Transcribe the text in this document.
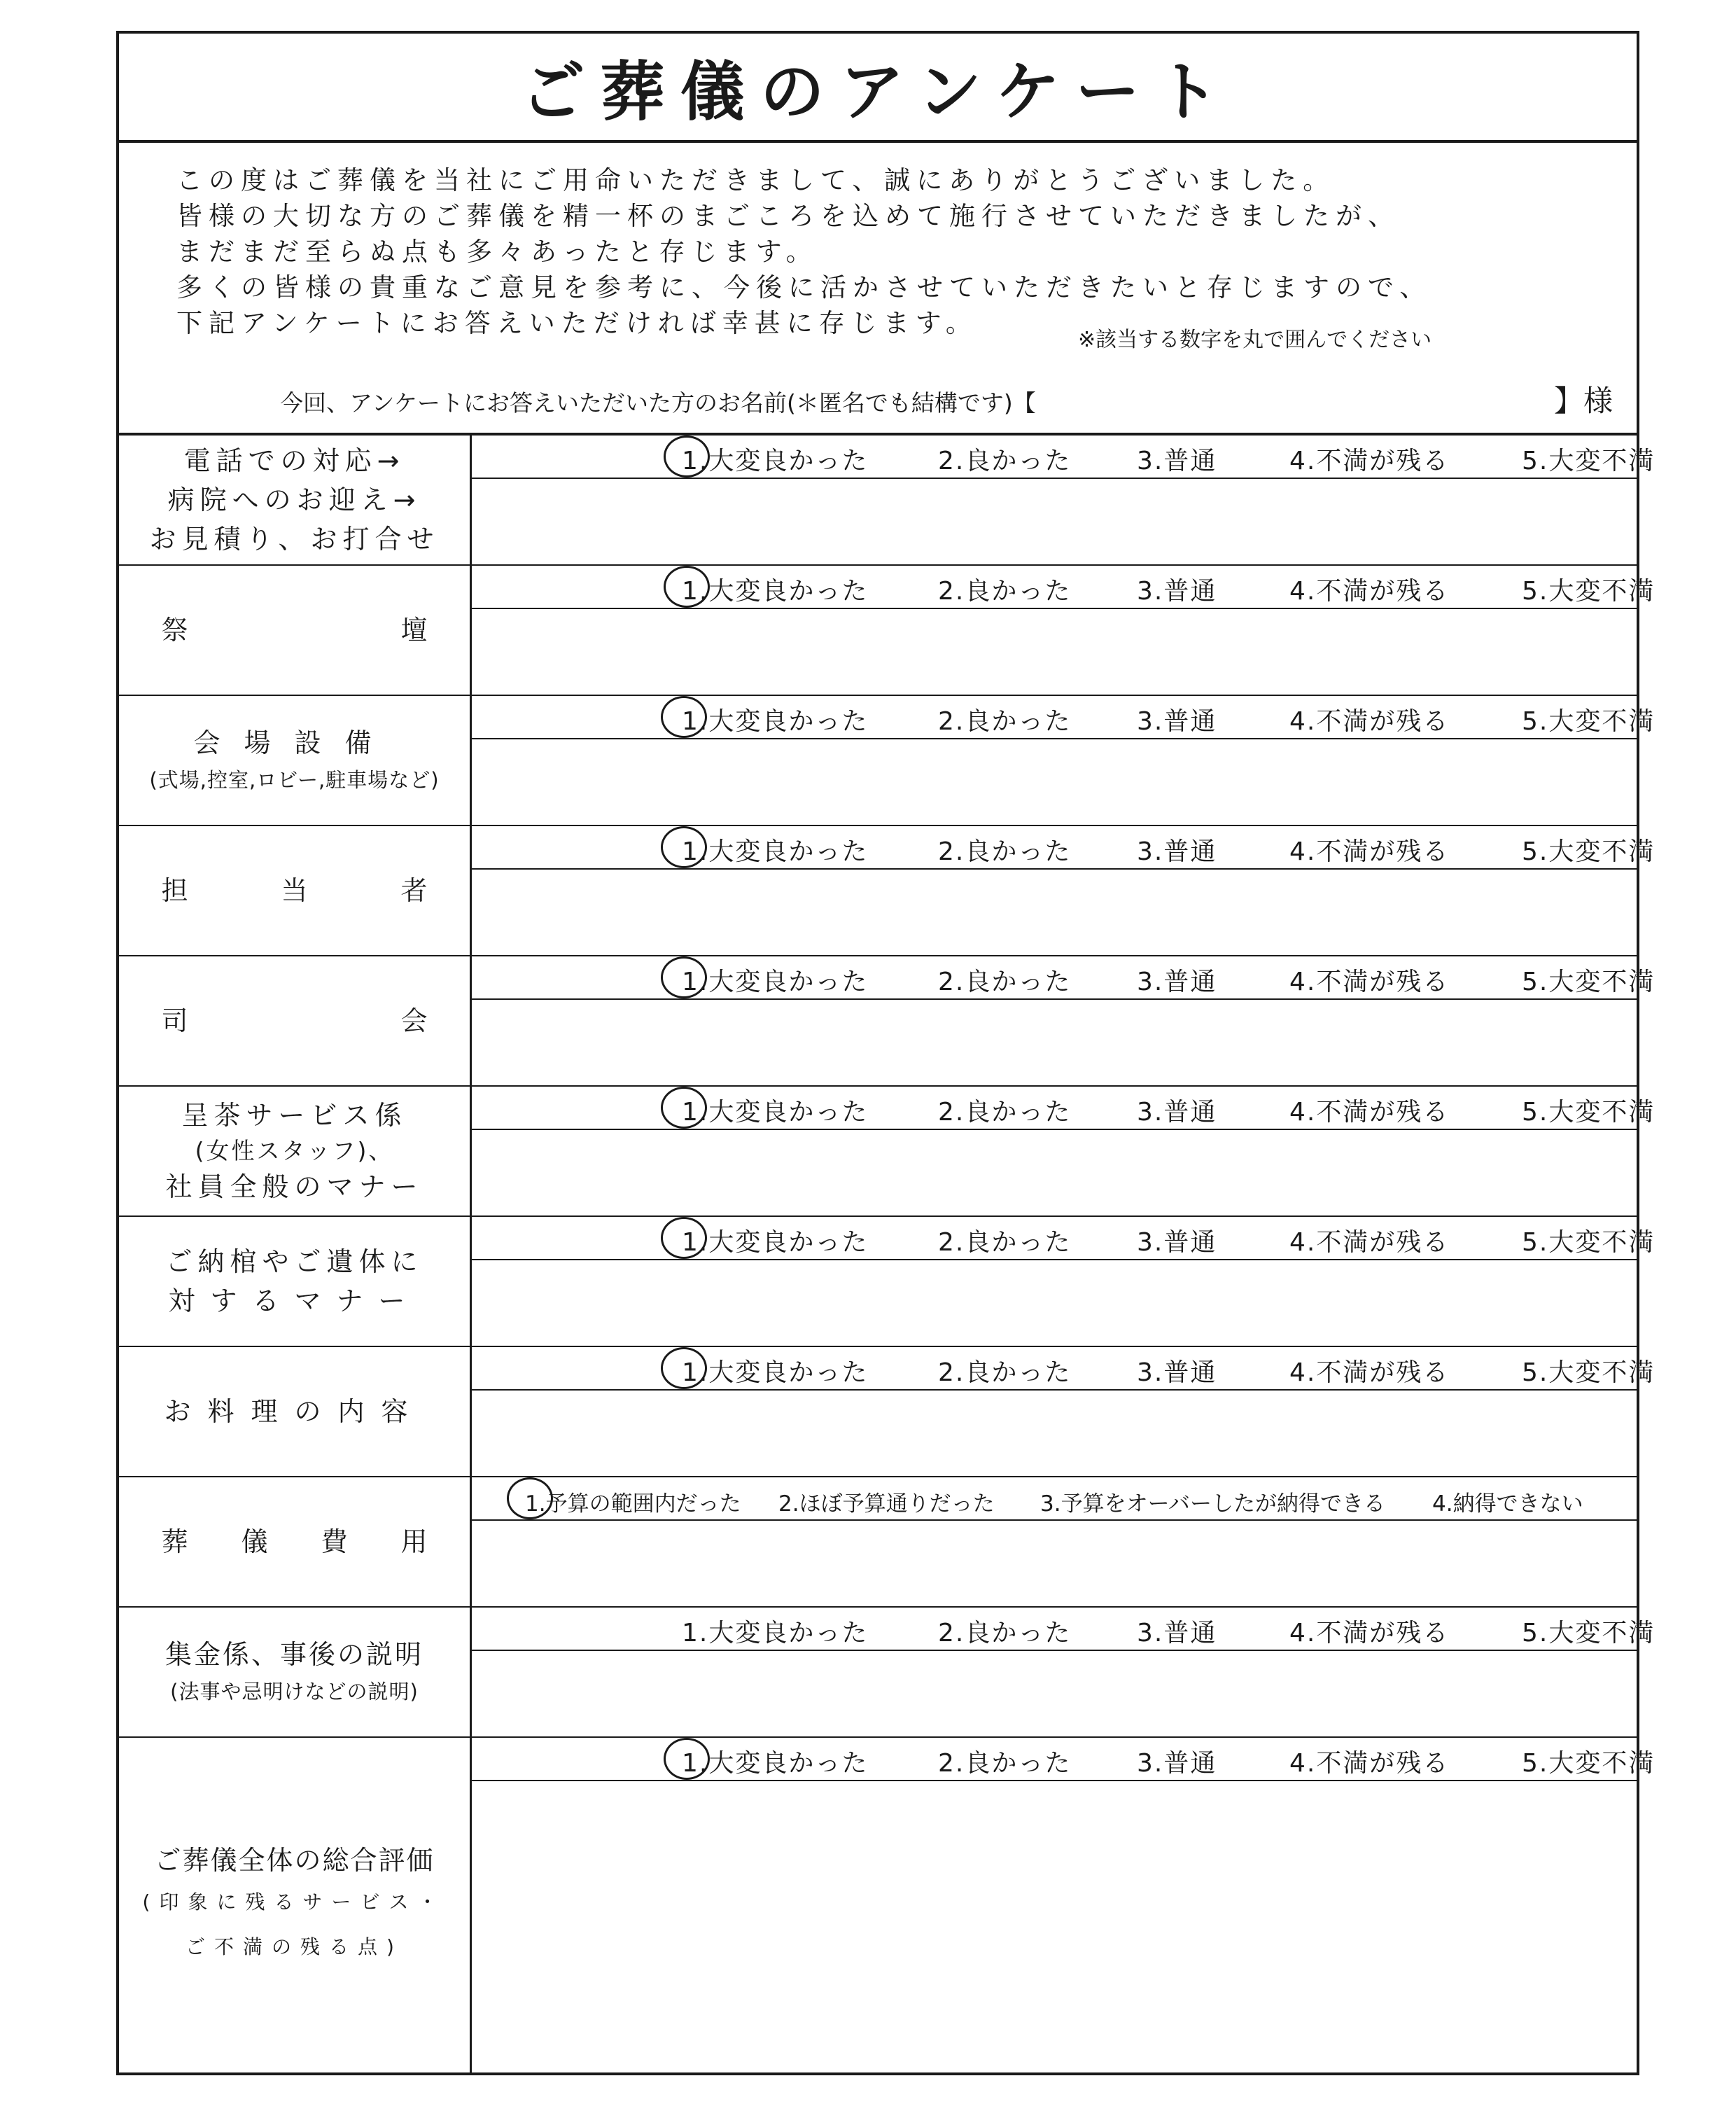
ご葬儀のアンケート
この度はご葬儀を当社にご用命いただきまして、誠にありがとうございました。
皆様の大切な方のご葬儀を精一杯のまごころを込めて施行させていただきましたが、
まだまだ至らぬ点も多々あったと存じます。
多くの皆様の貴重なご意見を参考に、今後に活かさせていただきたいと存じますので、
下記アンケートにお答えいただければ幸甚に存じます。
※該当する数字を丸で囲んでください
今回、アンケートにお答えいただいた方のお名前(＊匿名でも結構です)【	】様
電話での対応→
病院へのお迎え→
お見積り、お打合せ
1.大変良かった	2.良かった	3.普通	4.不満が残る	5.大変不満
祭	壇
1.大変良かった	2.良かった	3.普通	4.不満が残る	5.大変不満
会場設備
(式場,控室,ロビー,駐車場など)
1.大変良かった	2.良かった	3.普通	4.不満が残る	5.大変不満
担	当	者
1.大変良かった	2.良かった	3.普通	4.不満が残る	5.大変不満
司	会
1.大変良かった	2.良かった	3.普通	4.不満が残る	5.大変不満
呈茶サービス係
(女性スタッフ)、
社員全般のマナー
1.大変良かった	2.良かった	3.普通	4.不満が残る	5.大変不満
ご納棺やご遺体に
対するマナー
1.大変良かった	2.良かった	3.普通	4.不満が残る	5.大変不満
お料理の内容
1.大変良かった	2.良かった	3.普通	4.不満が残る	5.大変不満
葬 儀 費 用
1.予算の範囲内だった 2.ほぼ予算通りだった 3.予算をオーバーしたが納得できる 4.納得できない
集金係、事後の説明
(法事や忌明けなどの説明)
1.大変良かった	2.良かった	3.普通	4.不満が残る	5.大変不満
ご葬儀全体の総合評価
(印象に残るサービス・
ご不満の残る点)
1.大変良かった	2.良かった	3.普通	4.不満が残る	5.大変不満
